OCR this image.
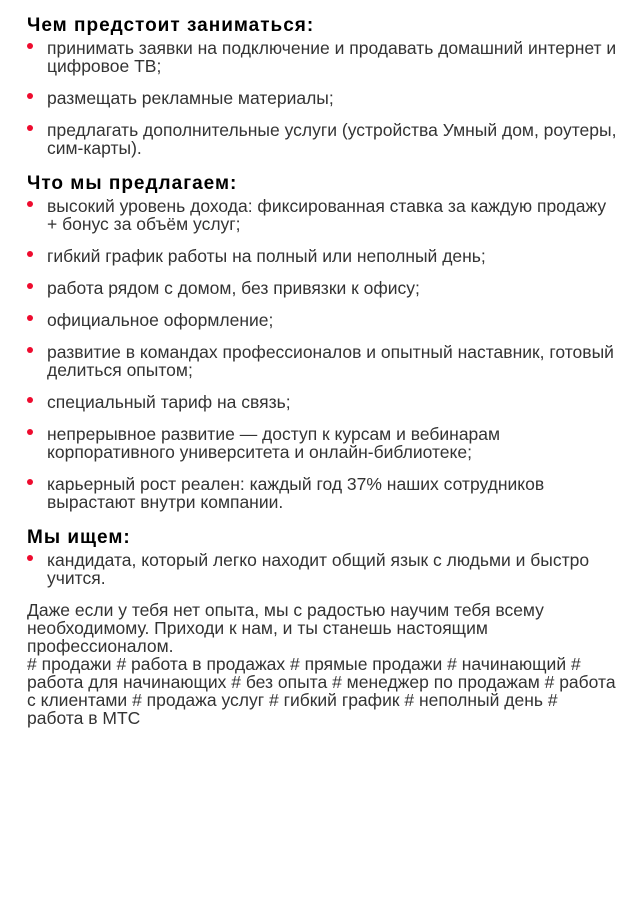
Чем предстоит заниматься:
принимать заявки на подключение и продавать домашний интернет и цифровое ТВ;
размещать рекламные материалы;
предлагать дополнительные услуги (устройства Умный дом, роутеры, сим-карты).
Что мы предлагаем:
высокий уровень дохода: фиксированная ставка за каждую продажу + бонус за объём услуг;
гибкий график работы на полный или неполный день;
работа рядом с домом, без привязки к офису;
официальное оформление;
развитие в командах профессионалов и опытный наставник, готовый делиться опытом;
специальный тариф на связь;
непрерывное развитие — доступ к курсам и вебинарам корпоративного университета и онлайн-библиотеке;
карьерный рост реален: каждый год 37% наших сотрудников вырастают внутри компании.
Мы ищем:
кандидата, который легко находит общий язык с людьми и быстро учится.

Даже если у тебя нет опыта, мы с радостью научим тебя всему необходимому. Приходи к нам, и ты станешь настоящим профессионалом.

# продажи # работа в продажах # прямые продажи # начинающий # работа для начинающих # без опыта # менеджер по продажам # работа с клиентами # продажа услуг # гибкий график # неполный день # работа в МТС
